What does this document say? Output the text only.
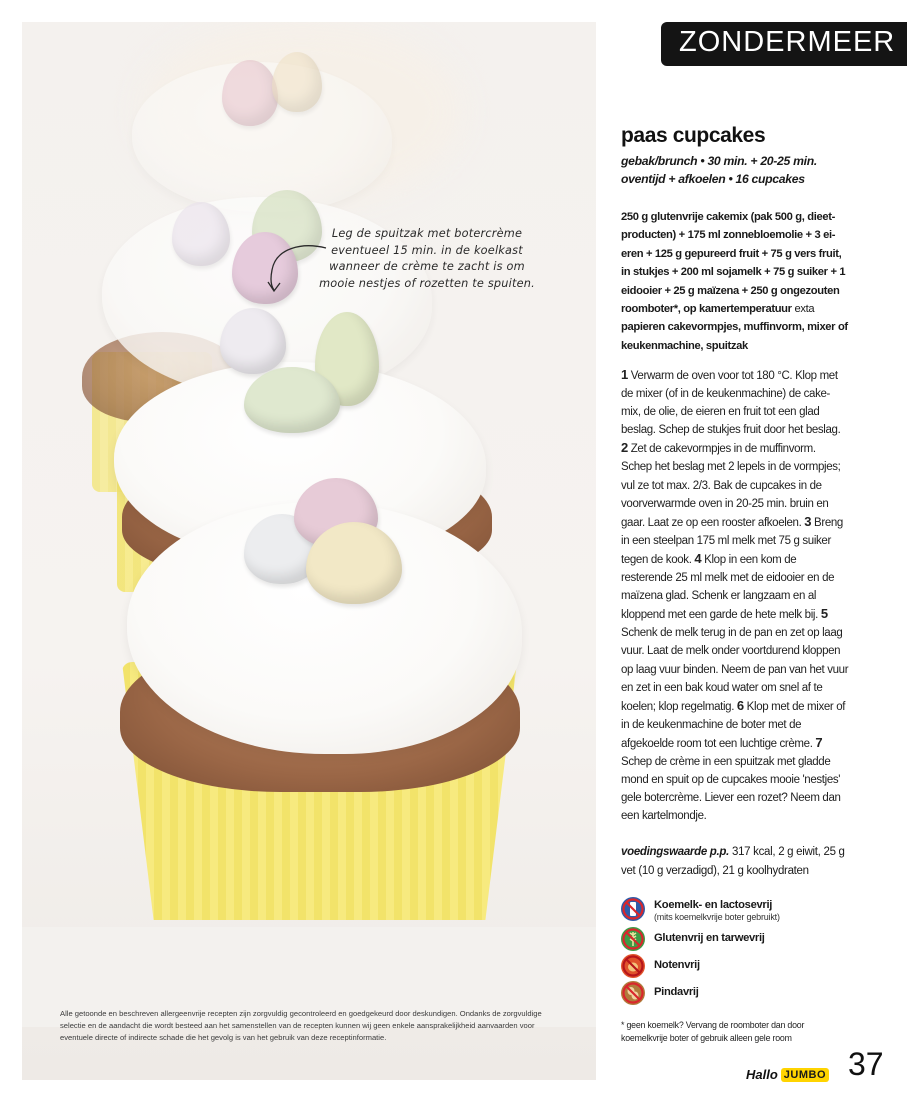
Leg de spuitzak met botercrème eventueel 15 min. in de koelkast wanneer de crème te zacht is om mooie nestjes of rozetten te spuiten.
Alle getoonde en beschreven allergeenvrije recepten zijn zorgvuldig gecontroleerd en goedgekeurd door deskundigen. Ondanks de zorgvuldige selectie en de aandacht die wordt besteed aan het samenstellen van de recepten kunnen wij geen enkele aansprakelijkheid aanvaarden voor eventuele directe of indirecte schade die het gevolg is van het gebruik van deze receptinformatie.
ZONDERMEER
paas cupcakes
gebak/brunch • 30 min. + 20-25 min.
oventijd + afkoelen • 16 cupcakes
250 g glutenvrije cakemix (pak 500 g, dieet-producten) + 175 ml zonnebloemolie + 3 ei-eren + 125 g gepureerd fruit + 75 g vers fruit, in stukjes + 200 ml sojamelk + 75 g suiker + 1 eidooier + 25 g maïzena + 250 g ongezouten roomboter*, op kamertemperatuur exta papieren cakevormpjes, muffinvorm, mixer of keukenmachine, spuitzak
1 Verwarm de oven voor tot 180 °C. Klop met de mixer (of in de keukenmachine) de cake-mix, de olie, de eieren en fruit tot een glad beslag. Schep de stukjes fruit door het beslag. 2 Zet de cakevormpjes in de muffinvorm. Schep het beslag met 2 lepels in de vormpjes; vul ze tot max. 2/3. Bak de cupcakes in de voorverwarmde oven in 20-25 min. bruin en gaar. Laat ze op een rooster afkoelen. 3 Breng in een steelpan 175 ml melk met 75 g suiker tegen de kook. 4 Klop in een kom de resterende 25 ml melk met de eidooier en de maïzena glad. Schenk er langzaam en al kloppend met een garde de hete melk bij. 5 Schenk de melk terug in de pan en zet op laag vuur. Laat de melk onder voortdurend kloppen op laag vuur binden. Neem de pan van het vuur en zet in een bak koud water om snel af te koelen; klop regelmatig. 6 Klop met de mixer of in de keukenmachine de boter met de afgekoelde room tot een luchtige crème. 7 Schep de crème in een spuitzak met gladde mond en spuit op de cupcakes mooie 'nestjes' gele botercrème. Liever een rozet? Neem dan een kartelmondje.
voedingswaarde p.p. 317 kcal, 2 g eiwit, 25 g vet (10 g verzadigd), 21 g koolhydraten
Koemelk- en lactosevrij
(mits koemelkvrije boter gebruikt)
Glutenvrij en tarwevrij
Notenvrij
Pindavrij
* geen koemelk? Vervang de roomboter dan door koemelkvrije boter of gebruik alleen gele room
Hallo JUMBO 37
